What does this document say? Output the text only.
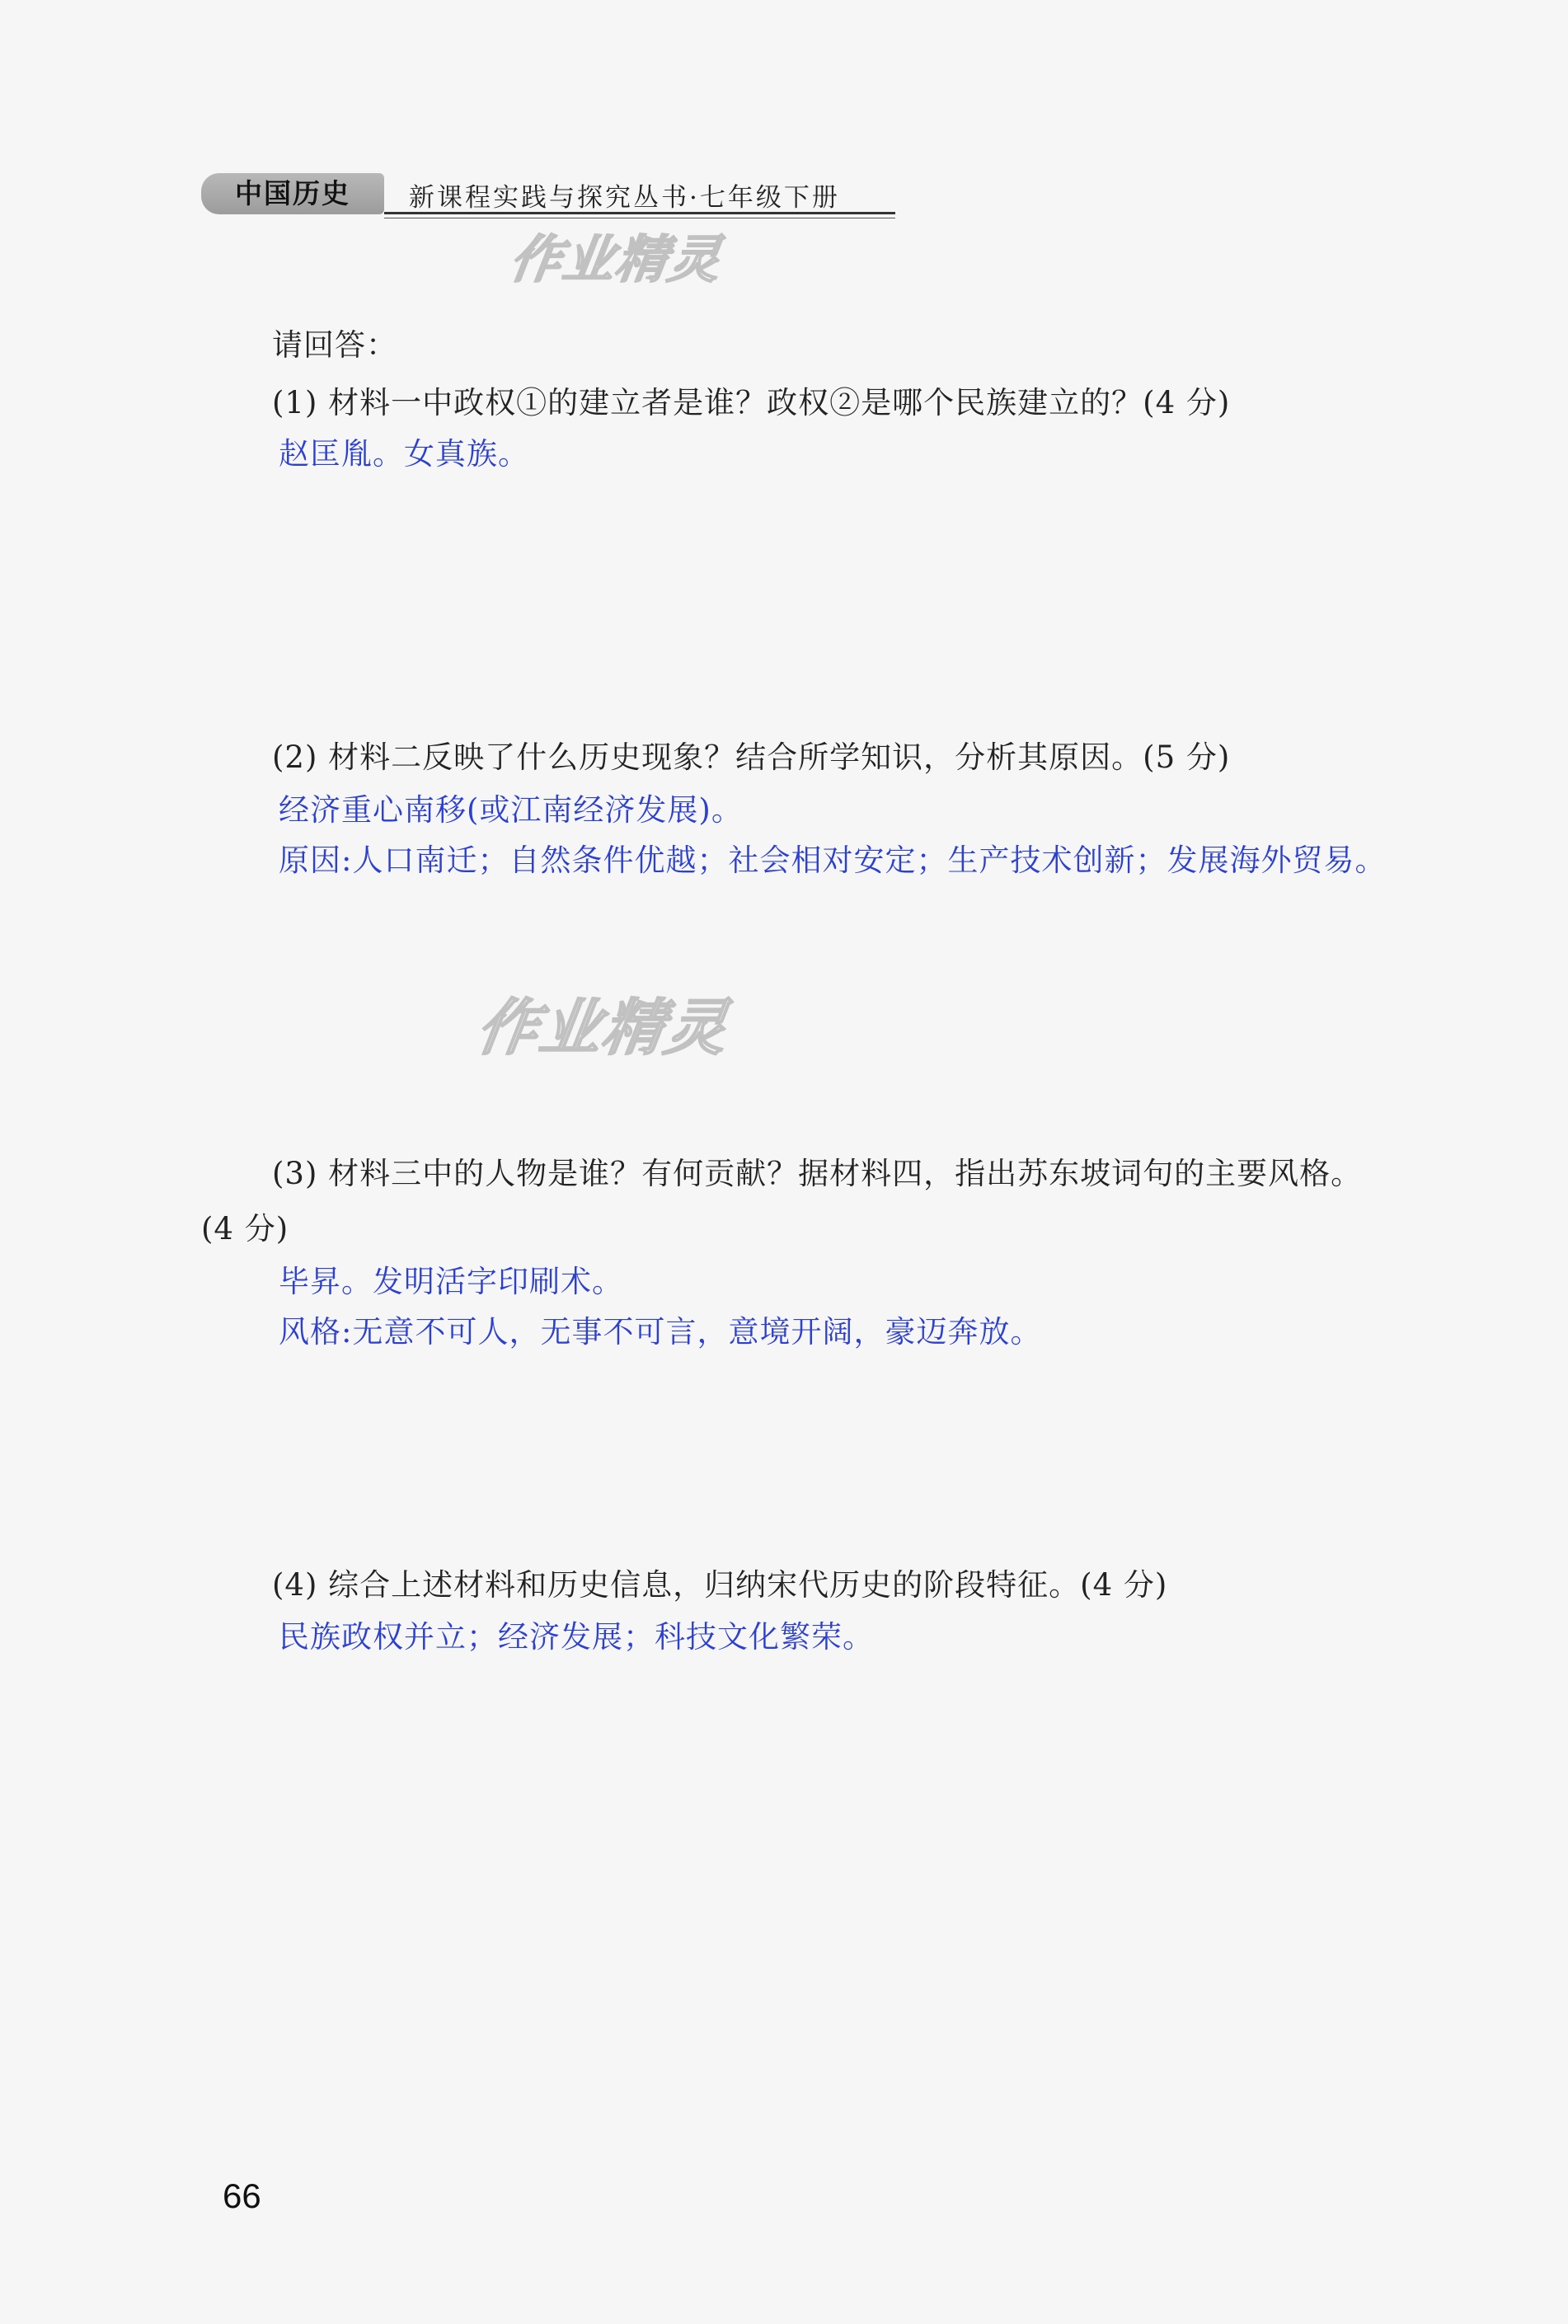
中国历史	新课程实践与探究丛书·七年级下册
作业精灵
作业精灵
请回答：
(1) 材料一中政权①的建立者是谁？政权②是哪个民族建立的？(4 分)
赵匡胤。女真族。
(2) 材料二反映了什么历史现象？结合所学知识，分析其原因。(5 分)
经济重心南移(或江南经济发展)。
原因:人口南迁；自然条件优越；社会相对安定；生产技术创新；发展海外贸易。
(3) 材料三中的人物是谁？有何贡献？据材料四，指出苏东坡词句的主要风格。
(4 分)
毕昇。发明活字印刷术。
风格:无意不可人，无事不可言，意境开阔，豪迈奔放。
(4) 综合上述材料和历史信息，归纳宋代历史的阶段特征。(4 分)
民族政权并立；经济发展；科技文化繁荣。
66
